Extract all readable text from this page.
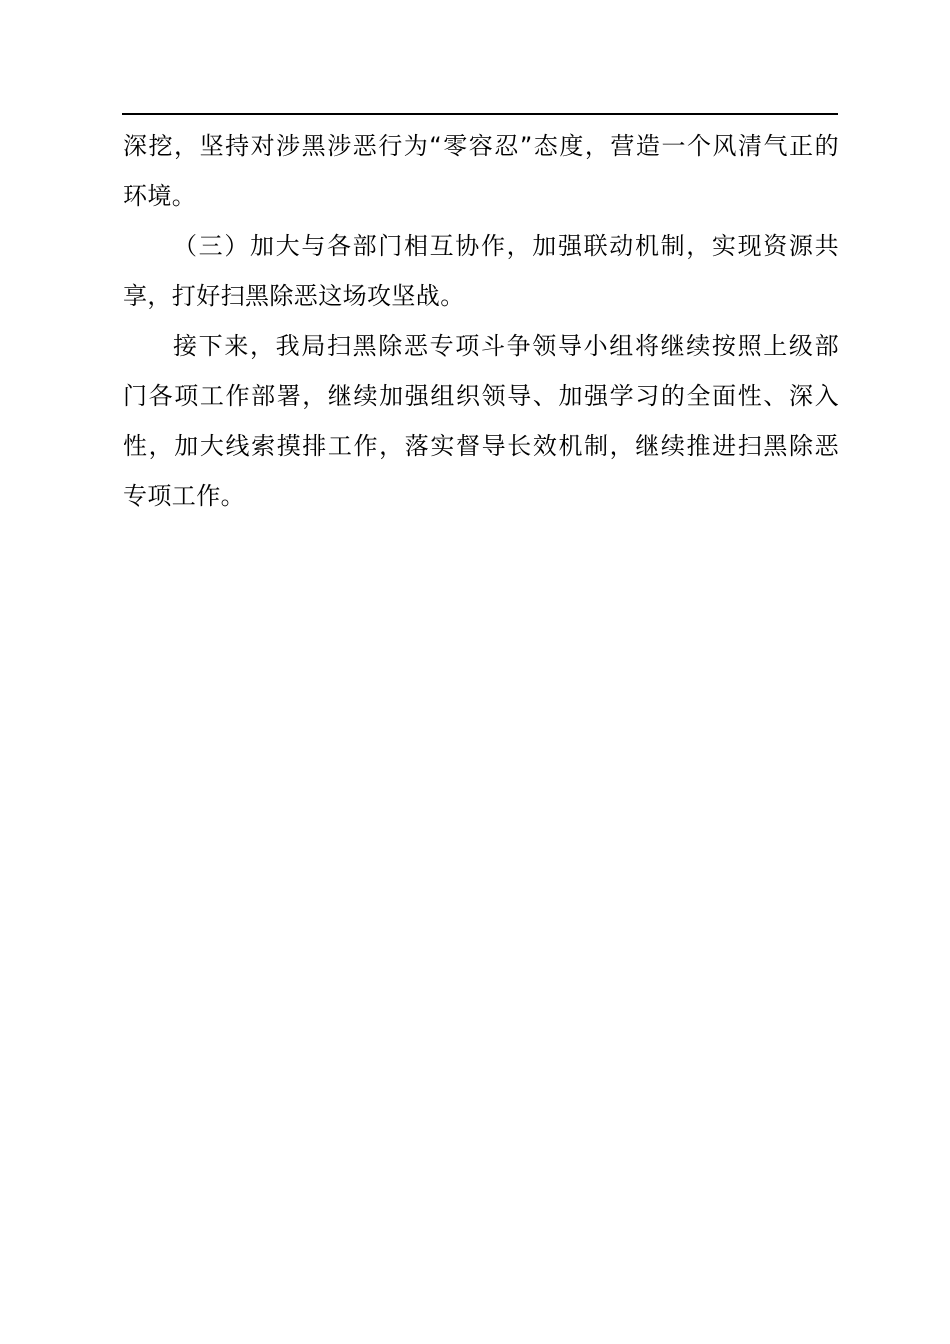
深挖，坚持对涉黑涉恶行为“零容忍”态度，营造一个风清气正的
环境。

（三）加大与各部门相互协作，加强联动机制，实现资源共
享，打好扫黑除恶这场攻坚战。

接下来，我局扫黑除恶专项斗争领导小组将继续按照上级部
门各项工作部署，继续加强组织领导、加强学习的全面性、深入
性，加大线索摸排工作，落实督导长效机制，继续推进扫黑除恶
专项工作。
